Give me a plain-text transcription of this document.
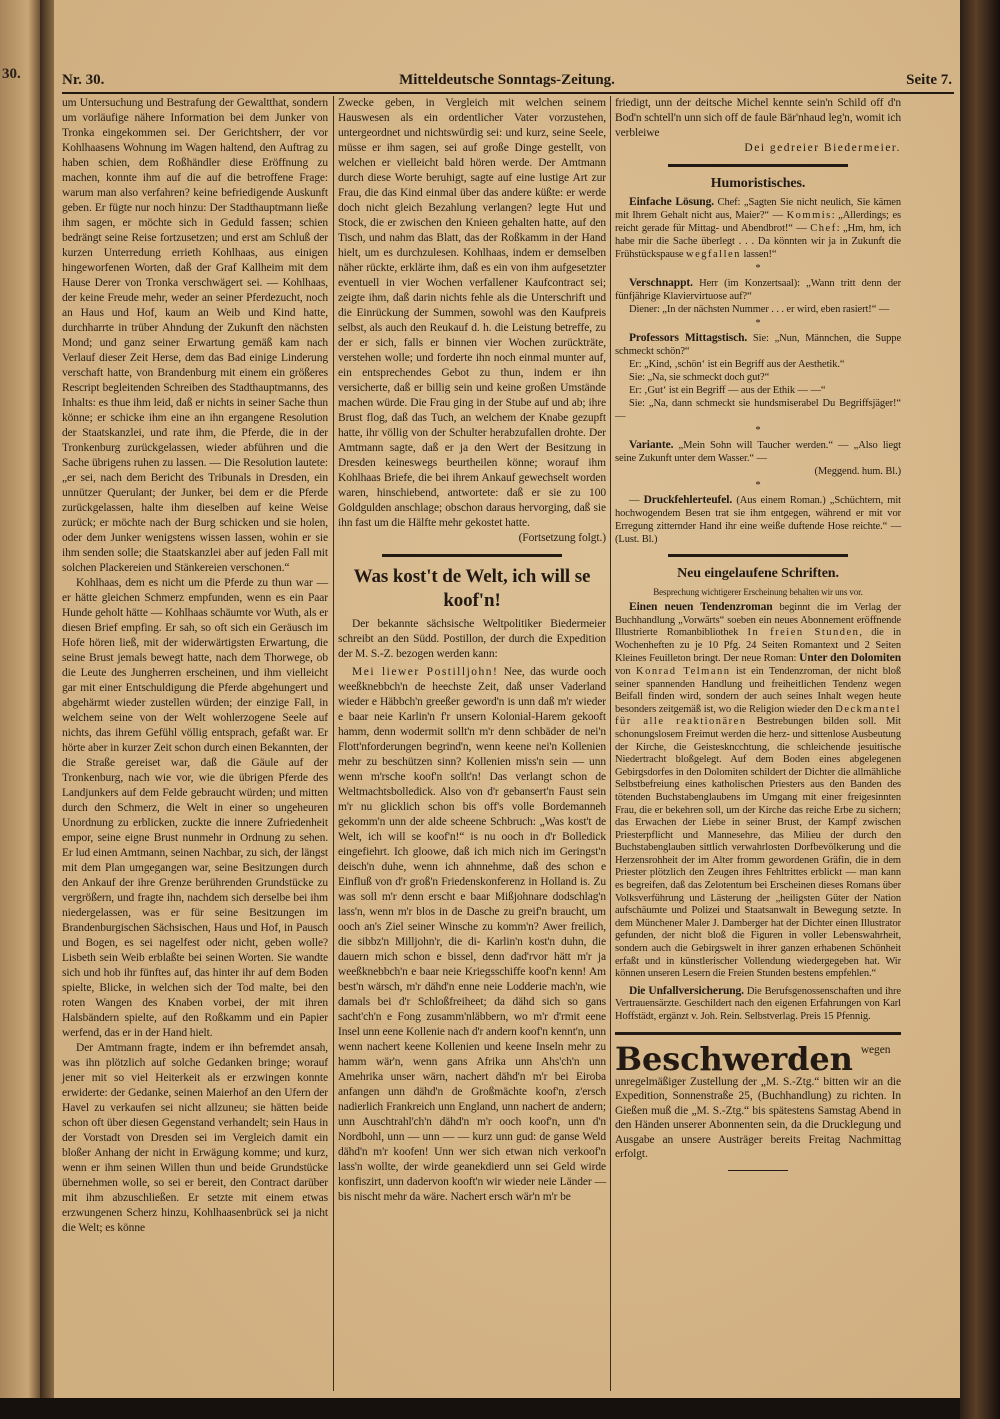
30.	Mitteldeutsche Sonntags-Zeitung.
Nr. 30.	Seite 7.

um Untersuchung und Bestrafung der Gewaltthat, sondern um vorläufige nähere Information bei dem Junker von Tronka eingekommen sei. Der Gerichtsherr, der vor Kohlhaasens Wohnung im Wagen haltend, den Auftrag zu haben schien, dem Roßhändler diese Eröffnung zu machen, konnte ihm auf die auf die betroffene Frage: warum man also verfahren? keine befriedigende Auskunft geben. Er fügte nur noch hinzu: Der Stadthauptmann ließe ihm sagen, er möchte sich in Geduld fassen; schien bedrängt seine Reise fortzusetzen; und erst am Schluß der kurzen Unterredung errieth Kohlhaas, aus einigen hingeworfenen Worten, daß der Graf Kallheim mit dem Hause Derer von Tronka verschwägert sei. — Kohlhaas, der keine Freude mehr, weder an seiner Pferdezucht, noch an Haus und Hof, kaum an Weib und Kind hatte, durchharrte in trüber Ahndung der Zukunft den nächsten Mond; und ganz seiner Erwartung gemäß kam nach Verlauf dieser Zeit Herse, dem das Bad einige Linderung verschaft hatte, von Brandenburg mit einem ein größeres Rescript begleitenden Schreiben des Stadthauptmanns, des Inhalts: es thue ihm leid, daß er nichts in seiner Sache thun könne; er schicke ihm eine an ihn ergangene Resolution der Staatskanzlei, und rate ihm, die Pferde, die in der Tronkenburg zurückgelassen, wieder abführen und die Sache übrigens ruhen zu lassen. — Die Resolution lautete: „er sei, nach dem Bericht des Tribunals in Dresden, ein unnützer Querulant; der Junker, bei dem er die Pferde zurückgelassen, halte ihm dieselben auf keine Weise zurück; er möchte nach der Burg schicken und sie holen, oder dem Junker wenigstens wissen lassen, wohin er sie ihm senden solle; die Staatskanzlei aber auf jeden Fall mit solchen Plackereien und Stänkereien verschonen.“

Kohlhaas, dem es nicht um die Pferde zu thun war — er hätte gleichen Schmerz empfunden, wenn es ein Paar Hunde geholt hätte — Kohlhaas schäumte vor Wuth, als er diesen Brief empfing. Er sah, so oft sich ein Geräusch im Hofe hören ließ, mit der widerwärtigsten Erwartung, die seine Brust jemals bewegt hatte, nach dem Thorwege, ob die Leute des Jungherren erscheinen, und ihm vielleicht gar mit einer Entschuldigung die Pferde abgehungert und abgehärmt wieder zustellen würden; der einzige Fall, in welchem seine von der Welt wohlerzogene Seele auf nichts, das ihrem Gefühl völlig entsprach, gefaßt war. Er hörte aber in kurzer Zeit schon durch einen Bekannten, der die Straße gereiset war, daß die Gäule auf der Tronkenburg, nach wie vor, wie die übrigen Pferde des Landjunkers auf dem Felde gebraucht würden; und mitten durch den Schmerz, die Welt in einer so ungeheuren Unordnung zu erblicken, zuckte die innere Zufriedenheit empor, seine eigne Brust nunmehr in Ordnung zu sehen. Er lud einen Amtmann, seinen Nachbar, zu sich, der längst mit dem Plan umgegangen war, seine Besitzungen durch den Ankauf der ihre Grenze berührenden Grundstücke zu vergrößern, und fragte ihn, nachdem sich derselbe bei ihm niedergelassen, was er für seine Besitzungen im Brandenburgischen Sächsischen, Haus und Hof, in Pausch und Bogen, es sei nagelfest oder nicht, geben wolle? Lisbeth sein Weib erblaßte bei seinen Worten. Sie wandte sich und hob ihr fünftes auf, das hinter ihr auf dem Boden spielte, Blicke, in welchen sich der Tod malte, bei den roten Wangen des Knaben vorbei, der mit ihren Halsbändern spielte, auf den Roßkamm und ein Papier werfend, das er in der Hand hielt.

Der Amtmann fragte, indem er ihn befremdet ansah, was ihn plötzlich auf solche Gedanken bringe; worauf jener mit so viel Heiterkeit als er erzwingen konnte erwiderte: der Gedanke, seinen Maierhof an den Ufern der Havel zu verkaufen sei nicht allzuneu; sie hätten beide schon oft über diesen Gegenstand verhandelt; sein Haus in der Vorstadt von Dresden sei im Vergleich damit ein bloßer Anhang der nicht in Erwägung komme; und kurz, wenn er ihm seinen Willen thun und beide Grundstücke übernehmen wolle, so sei er bereit, den Contract darüber mit ihm abzuschließen. Er setzte mit einem etwas erzwungenen Scherz hinzu, Kohlhaasenbrück sei ja nicht die Welt; es könne

Zwecke geben, in Vergleich mit welchen seinem Hauswesen als ein ordentlicher Vater vorzustehen, untergeordnet und nichtswürdig sei: und kurz, seine Seele, müsse er ihm sagen, sei auf große Dinge gestellt, von welchen er vielleicht bald hören werde. Der Amtmann durch diese Worte beruhigt, sagte auf eine lustige Art zur Frau, die das Kind einmal über das andere küßte: er werde doch nicht gleich Bezahlung verlangen? legte Hut und Stock, die er zwischen den Knieen gehalten hatte, auf den Tisch, und nahm das Blatt, das der Roßkamm in der Hand hielt, um es durchzulesen. Kohlhaas, indem er demselben näher rückte, erklärte ihm, daß es ein von ihm aufgesetzter eventuell in vier Wochen verfallener Kaufcontract sei; zeigte ihm, daß darin nichts fehle als die Unterschrift und die Einrückung der Summen, sowohl was den Kaufpreis selbst, als auch den Reukauf d. h. die Leistung betreffe, zu der er sich, falls er binnen vier Wochen zurückträte, verstehen wolle; und forderte ihn noch einmal munter auf, ein entsprechendes Gebot zu thun, indem er ihn versicherte, daß er billig sein und keine großen Umstände machen würde. Die Frau ging in der Stube auf und ab; ihre Brust flog, daß das Tuch, an welchem der Knabe gezupft hatte, ihr völlig von der Schulter herabzufallen drohte. Der Amtmann sagte, daß er ja den Wert der Besitzung in Dresden keineswegs beurtheilen könne; worauf ihm Kohlhaas Briefe, die bei ihrem Ankauf gewechselt worden waren, hinschiebend, antwortete: daß er sie zu 100 Goldgulden anschlage; obschon daraus hervorging, daß sie ihn fast um die Hälfte mehr gekostet hatte.

(Fortsetzung folgt.)
Was kost't de Welt, ich will se koof'n!

Der bekannte sächsische Weltpolitiker Biedermeier schreibt an den Südd. Postillon, der durch die Expedition der M. S.-Z. bezogen werden kann:

Mei liewer Postilljohn! Nee, das wurde ooch weeßknebbch'n de heechste Zeit, daß unser Vaderland wieder e Häbbch'n greeßer geword'n is unn daß m'r wieder e baar neie Karlin'n f'r unsern Kolonial-Harem gekooft hamm, denn wodermit sollt'n m'r denn schbäder de nei'n Flott'nforderungen begrind'n, wenn keene nei'n Kollenien mehr zu beschützen sinn? Kollenien miss'n sein — unn wenn m'rsche koof'n sollt'n! Das verlangt schon de Weltmachtsbolledick. Also von d'r gebansert'n Faust sein m'r nu glicklich schon bis off's volle Bordemanneh gekomm'n unn der alde scheene Schbruch: „Was kost't de Welt, ich will se koof'n!“ is nu ooch in d'r Bolledick eingefiehrt. Ich gloowe, daß ich mich nich im Geringst'n deisch'n duhe, wenn ich ahnnehme, daß des schon e Einfluß von d'r groß'n Friedenskonferenz in Holland is. Zu was soll m'r denn erscht e baar Mißjohnare dodschlag'n lass'n, wenn m'r blos in de Dasche zu greif'n braucht, um ooch an's Ziel seiner Winsche zu komm'n? Awer freilich, die sibbz'n Milljohn'r, die di- Karlin'n kost'n duhn, die dauern mich schon e bissel, denn dad'rvor hätt m'r ja weeßknebbch'n e baar neie Kriegsschiffe koof'n kenn! Am best'n wärsch, m'r dähd'n enne neie Lodderie mach'n, wie damals bei d'r Schloßfreiheet; da dähd sich so gans sacht'ch'n e Fong zusamm'nläbbern, wo m'r d'rmit eene Insel unn eene Kollenie nach d'r andern koof'n kennt'n, unn wenn nachert keene Kollenien und keene Inseln mehr zu hamm wär'n, wenn gans Afrika unn Ahs'ch'n unn Amehrika unser wärn, nachert dähd'n m'r bei Eiroba anfangen unn dähd'n de Großmächte koof'n, z'ersch nadierlich Frankreich unn England, unn nachert de andern; unn Auschtrahl'ch'n dähd'n m'r ooch koof'n, unn d'n Nordbohl, unn — unn — — kurz unn gud: de ganse Weld dähd'n m'r koofen! Unn wer sich etwan nich verkoof'n lass'n wollte, der wirde geanekdierd unn sei Geld wirde konfiszirt, unn dadervon kooft'n wir wieder neie Länder — bis nischt mehr da wäre. Nachert ersch wär'n m'r be

friedigt, unn der deitsche Michel kennte sein'n Schild off d'n Bod'n schtell'n unn sich off de faule Bär'nhaud leg'n, womit ich verbleiwe

Dei gedreier Biedermeier.

Humoristisches.

Einfache Lösung. Chef: „Sagten Sie nicht neulich, Sie kämen mit Ihrem Gehalt nicht aus, Maier?“ — Kommis: „Allerdings; es reicht gerade für Mittag- und Abendbrot!“ — Chef: „Hm, hm, ich habe mir die Sache überlegt . . . Da könnten wir ja in Zukunft die Frühstückspause wegfallen lassen!“

*

Verschnappt. Herr (im Konzertsaal): „Wann tritt denn der fünfjährige Klaviervirtuose auf?“

Diener: „In der nächsten Nummer . . . er wird, eben rasiert!“ —

*

Professors Mittagstisch. Sie: „Nun, Männchen, die Suppe schmeckt schön?“

Er: „Kind, ‚schön‘ ist ein Begriff aus der Aesthetik.“

Sie: „Na, sie schmeckt doch gut?“

Er: ‚Gut‘ ist ein Begriff — aus der Ethik — —“

Sie: „Na, dann schmeckt sie hundsmiserabel Du Begriffsjäger!“ —

*

Variante. „Mein Sohn will Taucher werden.“ — „Also liegt seine Zukunft unter dem Wasser.“ —

(Meggend. hum. Bl.)
*

— Druckfehlerteufel. (Aus einem Roman.) „Schüchtern, mit hochwogendem Besen trat sie ihm entgegen, während er mit vor Erregung zitternder Hand ihr eine weiße duftende Hose reichte.“ — (Lust. Bl.)

Neu eingelaufene Schriften.
Besprechung wichtigerer Erscheinung behalten wir uns vor.

Einen neuen Tendenzroman beginnt die im Verlag der Buchhandlung „Vorwärts“ soeben ein neues Abonnement eröffnende Illustrierte Romanbibliothek In freien Stunden, die in Wochenheften zu je 10 Pfg. 24 Seiten Romantext und 2 Seiten Kleines Feuilleton bringt. Der neue Roman: Unter den Dolomiten von Konrad Telmann ist ein Tendenzroman, der nicht bloß seiner spannenden Handlung und freiheitlichen Tendenz wegen Beifall finden wird, sondern der auch seines Inhalt wegen heute besonders zeitgemäß ist, wo die Religion wieder den Deckmantel für alle reaktionären Bestrebungen bilden soll. Mit schonungslosem Freimut werden die herz- und sittenlose Ausbeutung der Kirche, die Geisteskncchtung, die schleichende jesuitische Niedertracht bloßgelegt. Auf dem Boden eines abgelegenen Gebirgsdorfes in den Dolomiten schildert der Dichter die allmähliche Selbstbefreiung eines katholischen Priesters aus den Banden des tötenden Buchstabenglaubens im Umgang mit einer freigesinnten Frau, die er bekehren soll, um der Kirche das reiche Erbe zu sichern; das Erwachen der Liebe in seiner Brust, der Kampf zwischen Priesterpflicht und Mannesehre, das Milieu der durch den Buchstabenglauben sittlich verwahrlosten Dorfbevölkerung und die Herzensrohheit der im Alter fromm gewordenen Gräfin, die in dem Priester plötzlich den Zeugen ihres Fehltrittes erblickt — man kann es begreifen, daß das Zelotentum bei Erscheinen dieses Romans über Volksverführung und Lästerung der „heiligsten Güter der Nation aufschäumte und Polizei und Staatsanwalt in Bewegung setzte. In dem Münchener Maler J. Damberger hat der Dichter einen Illustrator gefunden, der nicht bloß die Figuren in voller Lebenswahrheit, sondern auch die Gebirgswelt in ihrer ganzen erhabenen Schönheit erfaßt und in künstlerischer Vollendung wiedergegeben hat. Wir können unseren Lesern die Freien Stunden bestens empfehlen.“

Die Unfallversicherung. Die Berufsgenossenschaften und ihre Vertrauensärzte. Geschildert nach den eigenen Erfahrungen von Karl Hoffstädt, ergänzt v. Joh. Rein. Selbstverlag. Preis 15 Pfennig.

Beschwerden wegen unregelmäßiger Zustellung der „M. S.-Ztg.“ bitten wir an die Expedition, Sonnenstraße 25, (Buchhandlung) zu richten. In Gießen muß die „M. S.-Ztg.“ bis spätestens Samstag Abend in den Händen unserer Abonnenten sein, da die Drucklegung und Ausgabe an unsere Austräger bereits Freitag Nachmittag erfolgt.
